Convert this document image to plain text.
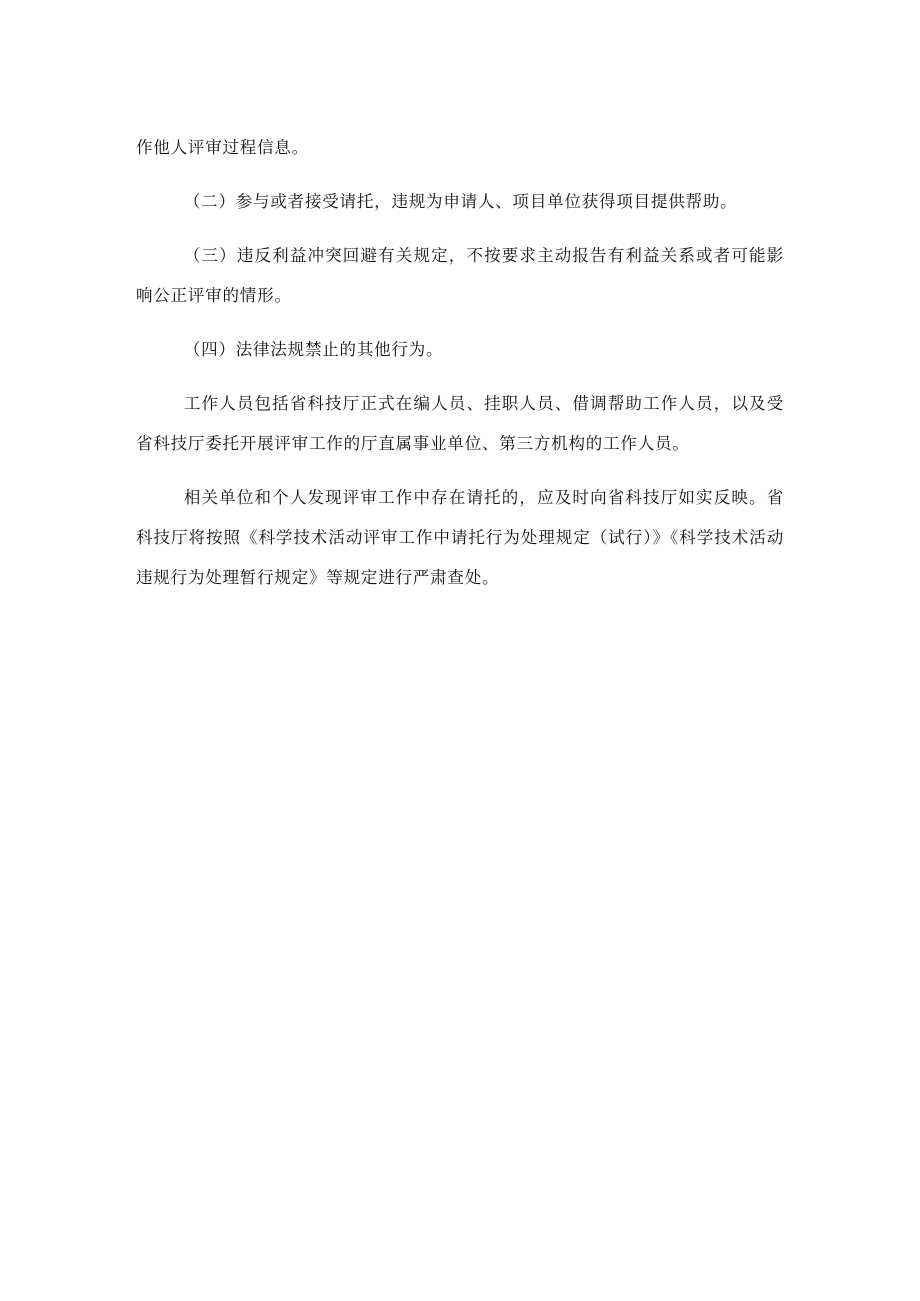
作他人评审过程信息。

（二）参与或者接受请托，违规为申请人、项目单位获得项目提供帮助。

（三）违反利益冲突回避有关规定，不按要求主动报告有利益关系或者可能影响公正评审的情形。

（四）法律法规禁止的其他行为。

工作人员包括省科技厅正式在编人员、挂职人员、借调帮助工作人员，以及受省科技厅委托开展评审工作的厅直属事业单位、第三方机构的工作人员。

相关单位和个人发现评审工作中存在请托的，应及时向省科技厅如实反映。省科技厅将按照《科学技术活动评审工作中请托行为处理规定（试行）》《科学技术活动违规行为处理暂行规定》等规定进行严肃查处。
